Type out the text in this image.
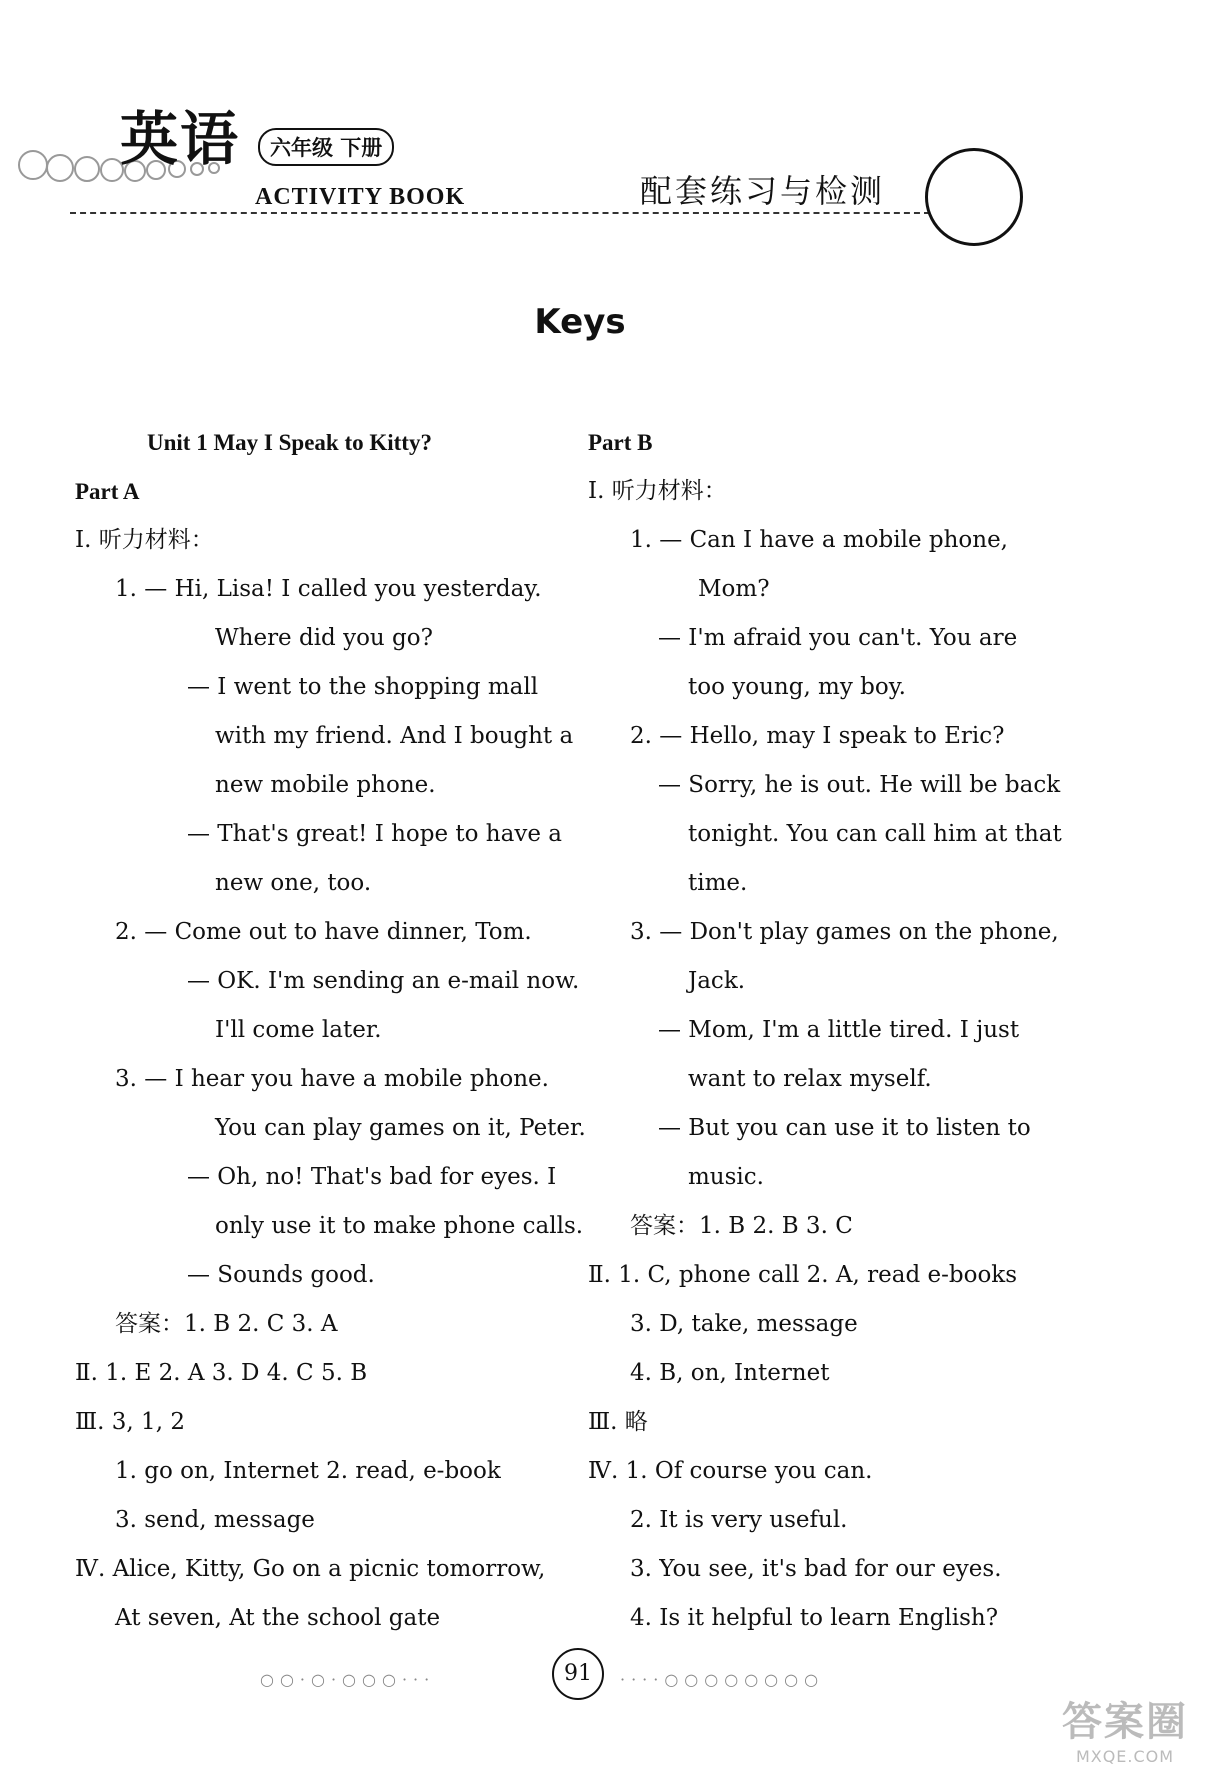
英语	六年级 下册
ACTIVITY BOOK	配套练习与检测
Keys
Unit 1 May I Speak to Kitty?
Part A
Ⅰ. 听力材料：
1. — Hi, Lisa! I called you yesterday.
Where did you go?
— I went to the shopping mall
with my friend. And I bought a
new mobile phone.
— That's great! I hope to have a
new one, too.
2. — Come out to have dinner, Tom.
— OK. I'm sending an e-mail now.
I'll come later.
3. — I hear you have a mobile phone.
You can play games on it, Peter.
— Oh, no! That's bad for eyes. I
only use it to make phone calls.
— Sounds good.
答案：1. B 2. C 3. A
Ⅱ. 1. E 2. A 3. D 4. C 5. B
Ⅲ. 3, 1, 2
1. go on, Internet 2. read, e-book
3. send, message
Ⅳ. Alice, Kitty, Go on a picnic tomorrow,
At seven, At the school gate
Part B
Ⅰ. 听力材料：
1. — Can I have a mobile phone,
Mom?
— I'm afraid you can't. You are
too young, my boy.
2. — Hello, may I speak to Eric?
— Sorry, he is out. He will be back
tonight. You can call him at that
time.
3. — Don't play games on the phone,
Jack.
— Mom, I'm a little tired. I just
want to relax myself.
— But you can use it to listen to
music.
答案：1. B 2. B 3. C
Ⅱ. 1. C, phone call 2. A, read e-books
3. D, take, message
4. B, on, Internet
Ⅲ. 略
Ⅳ. 1. Of course you can.
2. It is very useful.
3. You see, it's bad for our eyes.
4. Is it helpful to learn English?
○○·○·○○○···	91	····○○○○○○○○
答案圈
MXQE.COM
